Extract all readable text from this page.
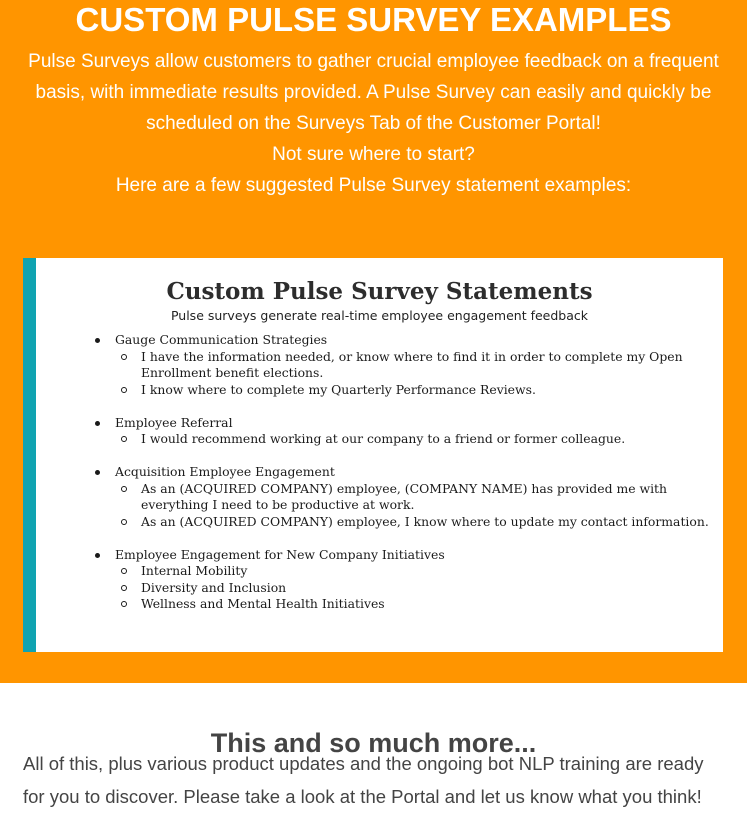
CUSTOM PULSE SURVEY EXAMPLES

Pulse Surveys allow customers to gather crucial employee feedback on a frequent basis, with immediate results provided. A Pulse Survey can easily and quickly be scheduled on the Surveys Tab of the Customer Portal!

Not sure where to start?

Here are a few suggested Pulse Survey statement examples:

Custom Pulse Survey Statements
Pulse surveys generate real-time employee engagement feedback
Gauge Communication Strategies
I have the information needed, or know where to find it in order to complete my Open Enrollment benefit elections.
I know where to complete my Quarterly Performance Reviews.
Employee Referral
I would recommend working at our company to a friend or former colleague.
Acquisition Employee Engagement
As an (ACQUIRED COMPANY) employee, (COMPANY NAME) has provided me with everything I need to be productive at work.
As an (ACQUIRED COMPANY) employee, I know where to update my contact information.
Employee Engagement for New Company Initiatives
Internal Mobility
Diversity and Inclusion
Wellness and Mental Health Initiatives
This and so much more...

All of this, plus various product updates and the ongoing bot NLP training are ready for you to discover. Please take a look at the Portal and let us know what you think!
